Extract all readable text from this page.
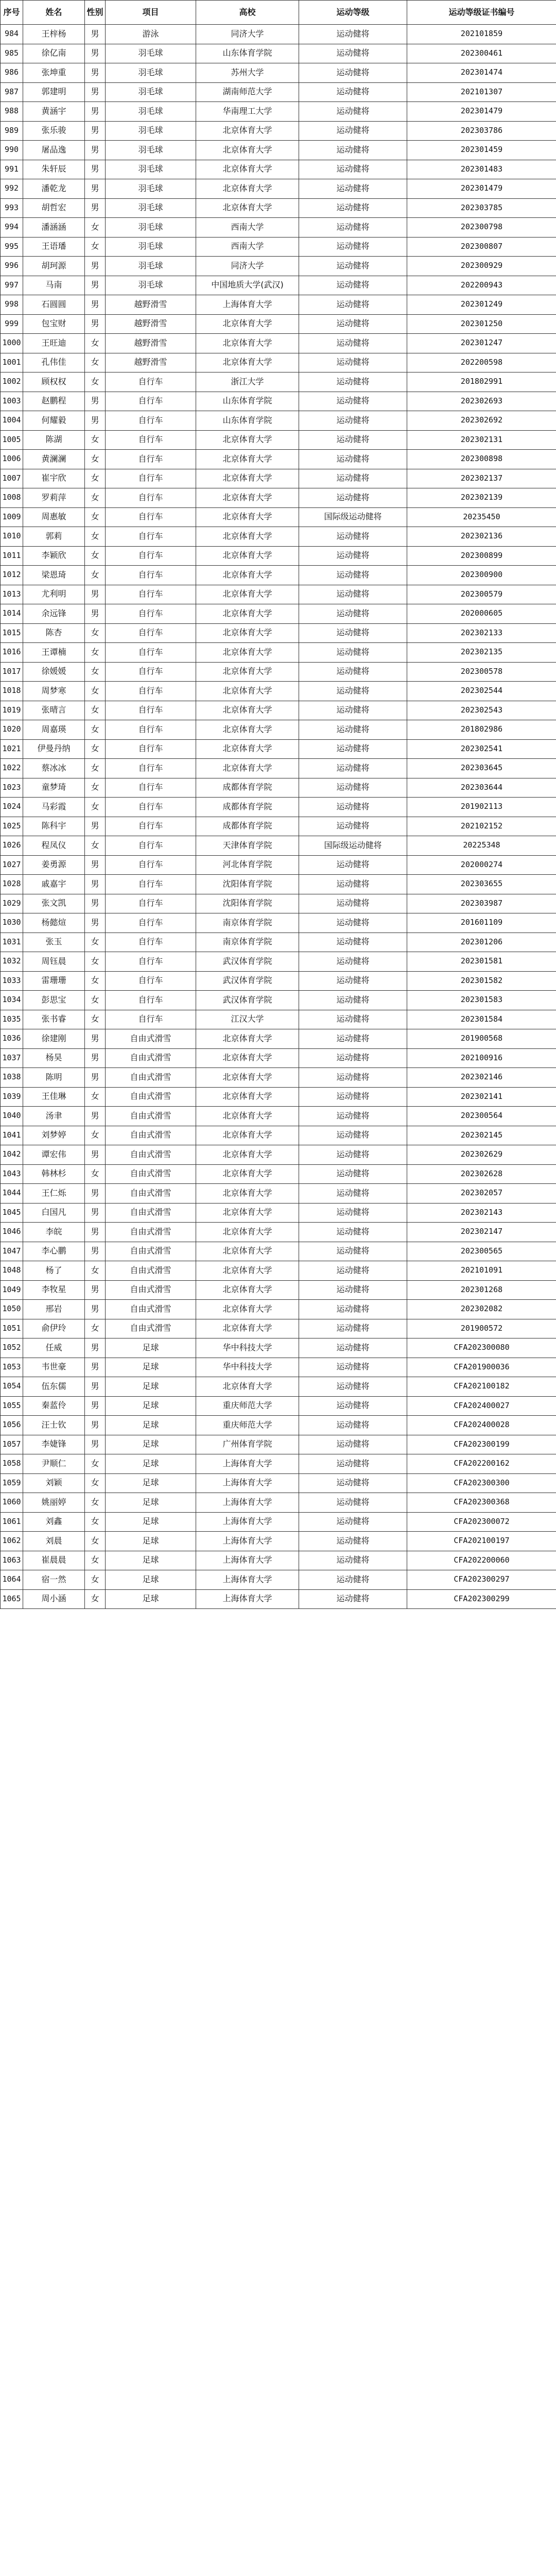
序号	姓名	性别	项目	高校	运动等级	运动等级证书编号
984	王梓杨	男	游泳	同济大学	运动健将	202101859
985	徐亿南	男	羽毛球	山东体育学院	运动健将	202300461
986	张坤重	男	羽毛球	苏州大学	运动健将	202301474
987	郭建明	男	羽毛球	湖南师范大学	运动健将	202101307
988	黄涵宇	男	羽毛球	华南理工大学	运动健将	202301479
989	张乐骏	男	羽毛球	北京体育大学	运动健将	202303786
990	屠品逸	男	羽毛球	北京体育大学	运动健将	202301459
991	朱轩辰	男	羽毛球	北京体育大学	运动健将	202301483
992	潘乾龙	男	羽毛球	北京体育大学	运动健将	202301479
993	胡哲宏	男	羽毛球	北京体育大学	运动健将	202303785
994	潘涵涵	女	羽毛球	西南大学	运动健将	202300798
995	王语璠	女	羽毛球	西南大学	运动健将	202300807
996	胡珂源	男	羽毛球	同济大学	运动健将	202300929
997	马南	男	羽毛球	中国地质大学(武汉)	运动健将	202200943
998	石圆圆	男	越野滑雪	上海体育大学	运动健将	202301249
999	包宝财	男	越野滑雪	北京体育大学	运动健将	202301250
1000	王旺迪	女	越野滑雪	北京体育大学	运动健将	202301247
1001	孔伟佳	女	越野滑雪	北京体育大学	运动健将	202200598
1002	顾权权	女	自行车	浙江大学	运动健将	201802991
1003	赵鹏程	男	自行车	山东体育学院	运动健将	202302693
1004	何耀毅	男	自行车	山东体育学院	运动健将	202302692
1005	陈湖	女	自行车	北京体育大学	运动健将	202302131
1006	黄澜澜	女	自行车	北京体育大学	运动健将	202300898
1007	崔宇欣	女	自行车	北京体育大学	运动健将	202302137
1008	罗莉萍	女	自行车	北京体育大学	运动健将	202302139
1009	周惠敏	女	自行车	北京体育大学	国际级运动健将	20235450
1010	郭莉	女	自行车	北京体育大学	运动健将	202302136
1011	李颖欣	女	自行车	北京体育大学	运动健将	202300899
1012	梁恩琦	女	自行车	北京体育大学	运动健将	202300900
1013	尤利明	男	自行车	北京体育大学	运动健将	202300579
1014	余远锋	男	自行车	北京体育大学	运动健将	202000605
1015	陈杏	女	自行车	北京体育大学	运动健将	202302133
1016	王谭楠	女	自行车	北京体育大学	运动健将	202302135
1017	徐媛媛	女	自行车	北京体育大学	运动健将	202300578
1018	周梦寒	女	自行车	北京体育大学	运动健将	202302544
1019	张晴言	女	自行车	北京体育大学	运动健将	202302543
1020	周嘉瑛	女	自行车	北京体育大学	运动健将	201802986
1021	伊曼丹纳	女	自行车	北京体育大学	运动健将	202302541
1022	蔡冰冰	女	自行车	北京体育大学	运动健将	202303645
1023	童梦琦	女	自行车	成都体育学院	运动健将	202303644
1024	马彩霞	女	自行车	成都体育学院	运动健将	201902113
1025	陈科宇	男	自行车	成都体育学院	运动健将	202102152
1026	程凤仪	女	自行车	天津体育学院	国际级运动健将	20225348
1027	姜勇源	男	自行车	河北体育学院	运动健将	202000274
1028	戚嘉宇	男	自行车	沈阳体育学院	运动健将	202303655
1029	张文凯	男	自行车	沈阳体育学院	运动健将	202303987
1030	杨懿煊	男	自行车	南京体育学院	运动健将	201601109
1031	张玉	女	自行车	南京体育学院	运动健将	202301206
1032	周钰晨	女	自行车	武汉体育学院	运动健将	202301581
1033	雷珊珊	女	自行车	武汉体育学院	运动健将	202301582
1034	彭思宝	女	自行车	武汉体育学院	运动健将	202301583
1035	张书睿	女	自行车	江汉大学	运动健将	202301584
1036	徐建刚	男	自由式滑雪	北京体育大学	运动健将	201900568
1037	杨昊	男	自由式滑雪	北京体育大学	运动健将	202100916
1038	陈明	男	自由式滑雪	北京体育大学	运动健将	202302146
1039	王佳琳	女	自由式滑雪	北京体育大学	运动健将	202302141
1040	汤聿	男	自由式滑雪	北京体育大学	运动健将	202300564
1041	刘梦婷	女	自由式滑雪	北京体育大学	运动健将	202302145
1042	谭宏伟	男	自由式滑雪	北京体育大学	运动健将	202302629
1043	韩林杉	女	自由式滑雪	北京体育大学	运动健将	202302628
1044	王仁烁	男	自由式滑雪	北京体育大学	运动健将	202302057
1045	白国凡	男	自由式滑雪	北京体育大学	运动健将	202302143
1046	李皖	男	自由式滑雪	北京体育大学	运动健将	202302147
1047	李心鹏	男	自由式滑雪	北京体育大学	运动健将	202300565
1048	杨了	女	自由式滑雪	北京体育大学	运动健将	202101091
1049	李牧星	男	自由式滑雪	北京体育大学	运动健将	202301268
1050	邢岩	男	自由式滑雪	北京体育大学	运动健将	202302082
1051	俞伊玲	女	自由式滑雪	北京体育大学	运动健将	201900572
1052	任威	男	足球	华中科技大学	运动健将	CFA202300080
1053	韦世豪	男	足球	华中科技大学	运动健将	CFA201900036
1054	伍东儒	男	足球	北京体育大学	运动健将	CFA202100182
1055	秦蓝伶	男	足球	重庆师范大学	运动健将	CFA202400027
1056	汪士钦	男	足球	重庆师范大学	运动健将	CFA202400028
1057	李婕锋	男	足球	广州体育学院	运动健将	CFA202300199
1058	尹顺仁	女	足球	上海体育大学	运动健将	CFA202200162
1059	刘颖	女	足球	上海体育大学	运动健将	CFA202300300
1060	姚丽婷	女	足球	上海体育大学	运动健将	CFA202300368
1061	刘鑫	女	足球	上海体育大学	运动健将	CFA202300072
1062	刘晨	女	足球	上海体育大学	运动健将	CFA202100197
1063	崔晨晨	女	足球	上海体育大学	运动健将	CFA202200060
1064	宿一然	女	足球	上海体育大学	运动健将	CFA202300297
1065	周小涵	女	足球	上海体育大学	运动健将	CFA202300299
